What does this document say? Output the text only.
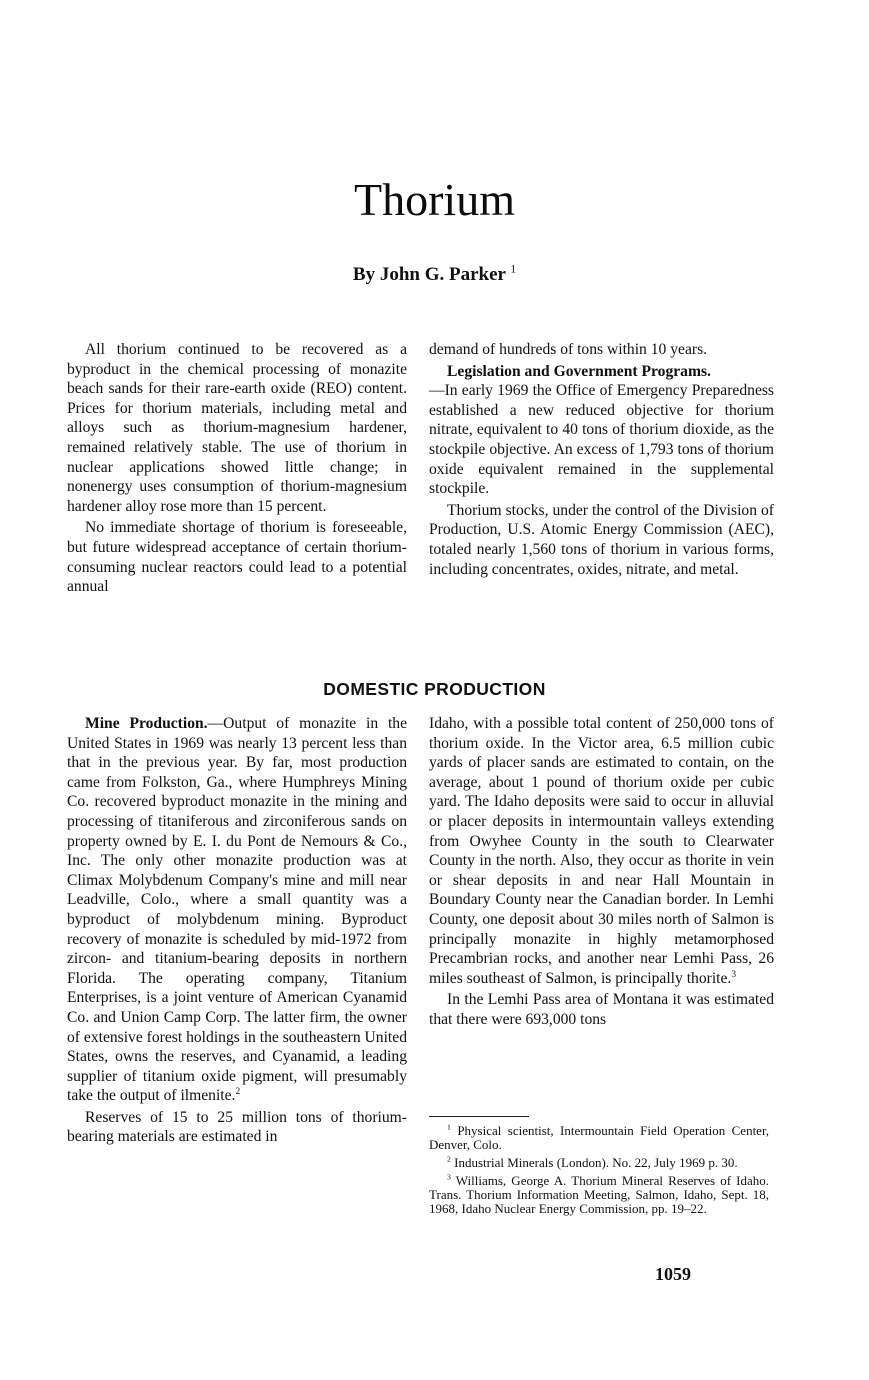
Thorium
By John G. Parker $^1$

All thorium continued to be recovered as a byproduct in the chemical processing of monazite beach sands for their rare-earth oxide (REO) content. Prices for thorium materials, including metal and alloys such as thorium-magnesium hardener, remained relatively stable. The use of thorium in nuclear applications showed little change; in nonenergy uses consumption of thorium-magnesium hardener alloy rose more than 15 percent.

No immediate shortage of thorium is foreseeable, but future widespread acceptance of certain thorium-consuming nuclear reactors could lead to a potential annual

demand of hundreds of tons within 10 years.

Legislation and Government Programs.
—In early 1969 the Office of Emergency Preparedness established a new reduced objective for thorium nitrate, equivalent to 40 tons of thorium dioxide, as the stockpile objective. An excess of 1,793 tons of thorium oxide equivalent remained in the supplemental stockpile.

Thorium stocks, under the control of the Division of Production, U.S. Atomic Energy Commission (AEC), totaled nearly 1,560 tons of thorium in various forms, including concentrates, oxides, nitrate, and metal.

DOMESTIC PRODUCTION

Mine Production.—Output of monazite in the United States in 1969 was nearly 13 percent less than that in the previous year. By far, most production came from Folkston, Ga., where Humphreys Mining Co. recovered byproduct monazite in the mining and processing of titaniferous and zirconiferous sands on property owned by E. I. du Pont de Nemours & Co., Inc. The only other monazite production was at Climax Molybdenum Company's mine and mill near Leadville, Colo., where a small quantity was a byproduct of molybdenum mining. Byproduct recovery of monazite is scheduled by mid-1972 from zircon- and titanium-bearing deposits in northern Florida. The operating company, Titanium Enterprises, is a joint venture of American Cyanamid Co. and Union Camp Corp. The latter firm, the owner of extensive forest holdings in the southeastern United States, owns the reserves, and Cyanamid, a leading supplier of titanium oxide pigment, will presumably take the output of ilmenite.$^2$

Reserves of 15 to 25 million tons of thorium-bearing materials are estimated in

Idaho, with a possible total content of 250,000 tons of thorium oxide. In the Victor area, 6.5 million cubic yards of placer sands are estimated to contain, on the average, about 1 pound of thorium oxide per cubic yard. The Idaho deposits were said to occur in alluvial or placer deposits in intermountain valleys extending from Owyhee County in the south to Clearwater County in the north. Also, they occur as thorite in vein or shear deposits in and near Hall Mountain in Boundary County near the Canadian border. In Lemhi County, one deposit about 30 miles north of Salmon is principally monazite in highly metamorphosed Precambrian rocks, and another near Lemhi Pass, 26 miles southeast of Salmon, is principally thorite.$^3$

In the Lemhi Pass area of Montana it was estimated that there were 693,000 tons

$^1$ Physical scientist, Intermountain Field Operation Center, Denver, Colo.

$^2$ Industrial Minerals (London). No. 22, July 1969 p. 30.

$^3$ Williams, George A. Thorium Mineral Reserves of Idaho. Trans. Thorium Information Meeting, Salmon, Idaho, Sept. 18, 1968, Idaho Nuclear Energy Commission, pp. 19–22.

1059
